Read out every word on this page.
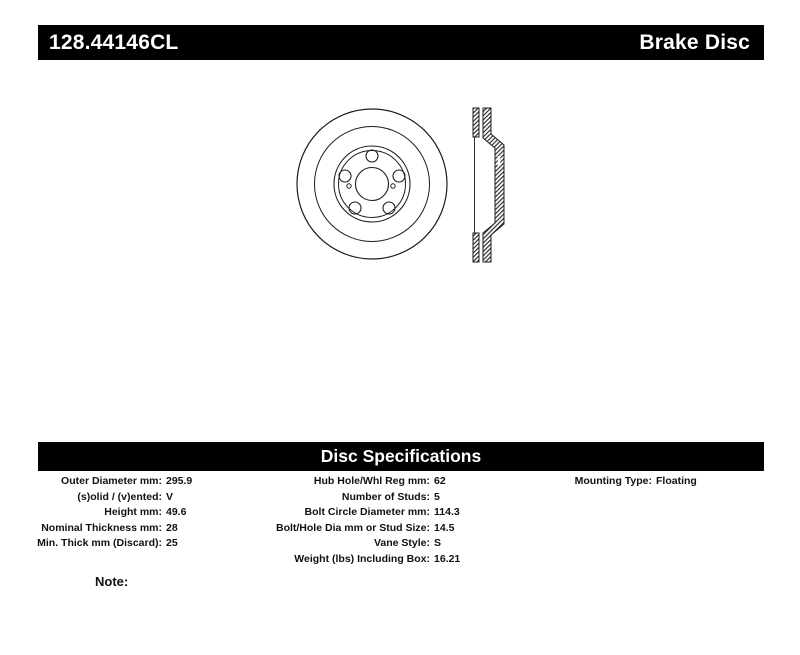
128.44146CL	Brake Disc
Disc Specifications
Outer Diameter mm: 295.9
(s)olid / (v)ented: V
Height mm: 49.6
Nominal Thickness mm: 28
Min. Thick mm (Discard): 25
Hub Hole/Whl Reg mm: 62
Number of Studs: 5
Bolt Circle Diameter mm: 114.3
Bolt/Hole Dia mm or Stud Size: 14.5
Vane Style: S
Weight (lbs) Including Box: 16.21
Mounting Type: Floating
Note:
